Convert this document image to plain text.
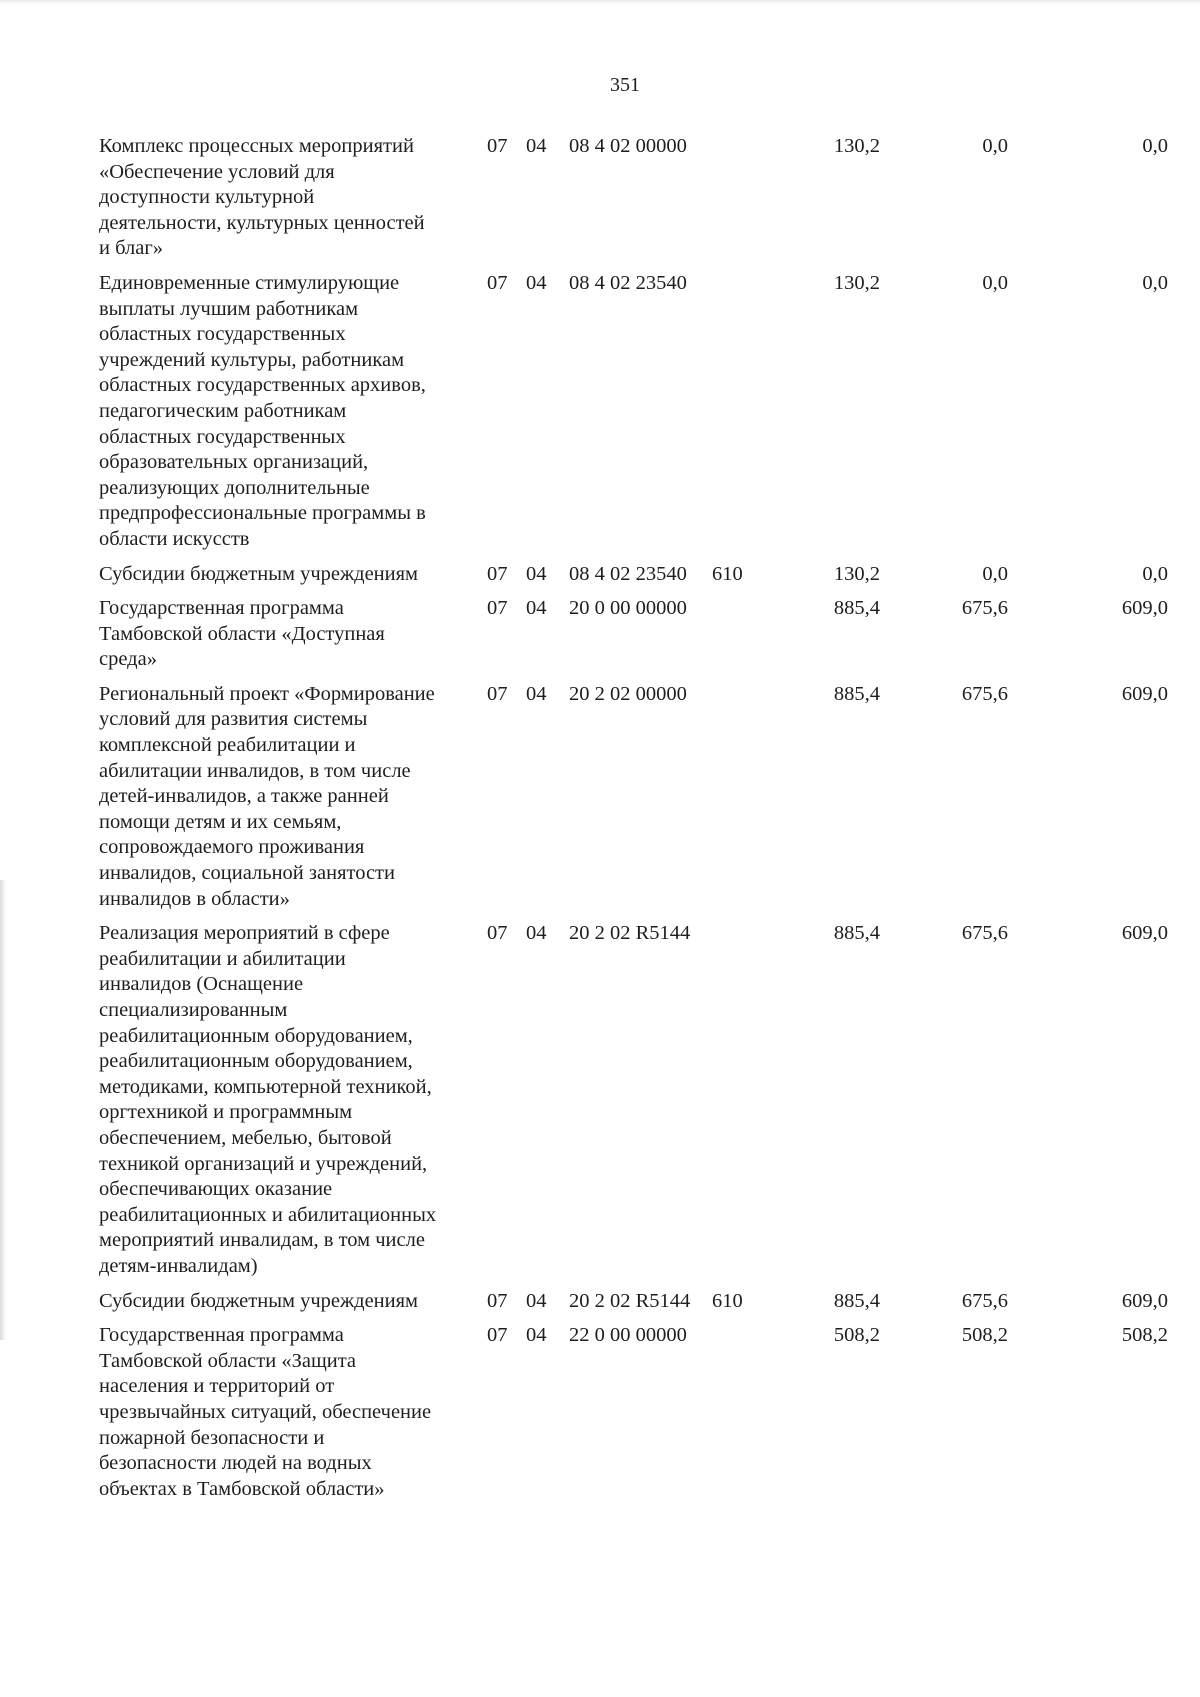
351
Комплекс процессных мероприятий
«Обеспечение условий для
доступности культурной
деятельности, культурных ценностей
и благ»
07 04	08 4 02 00000	130,2	0,0	0,0
Единовременные стимулирующие
выплаты лучшим работникам
областных государственных
учреждений культуры, работникам
областных государственных архивов,
педагогическим работникам
областных государственных
образовательных организаций,
реализующих дополнительные
предпрофессиональные программы в
области искусств
07 04	08 4 02 23540	130,2	0,0	0,0
Субсидии бюджетным учреждениям	07 04	08 4 02 23540	610	130,2	0,0	0,0
Государственная программа
Тамбовской области «Доступная
среда»
07 04	20 0 00 00000	885,4	675,6	609,0
Региональный проект «Формирование
условий для развития системы
комплексной реабилитации и
абилитации инвалидов, в том числе
детей-инвалидов, а также ранней
помощи детям и их семьям,
сопровождаемого проживания
инвалидов, социальной занятости
инвалидов в области»
07 04	20 2 02 00000	885,4	675,6	609,0
Реализация мероприятий в сфере
реабилитации и абилитации
инвалидов (Оснащение
специализированным
реабилитационным оборудованием,
реабилитационным оборудованием,
методиками, компьютерной техникой,
оргтехникой и программным
обеспечением, мебелью, бытовой
техникой организаций и учреждений,
обеспечивающих оказание
реабилитационных и абилитационных
мероприятий инвалидам, в том числе
детям-инвалидам)
07 04	20 2 02 R5144	885,4	675,6	609,0
Субсидии бюджетным учреждениям	07 04	20 2 02 R5144	610	885,4	675,6	609,0
Государственная программа
Тамбовской области «Защита
населения и территорий от
чрезвычайных ситуаций, обеспечение
пожарной безопасности и
безопасности людей на водных
объектах в Тамбовской области»
07 04	22 0 00 00000	508,2	508,2	508,2
